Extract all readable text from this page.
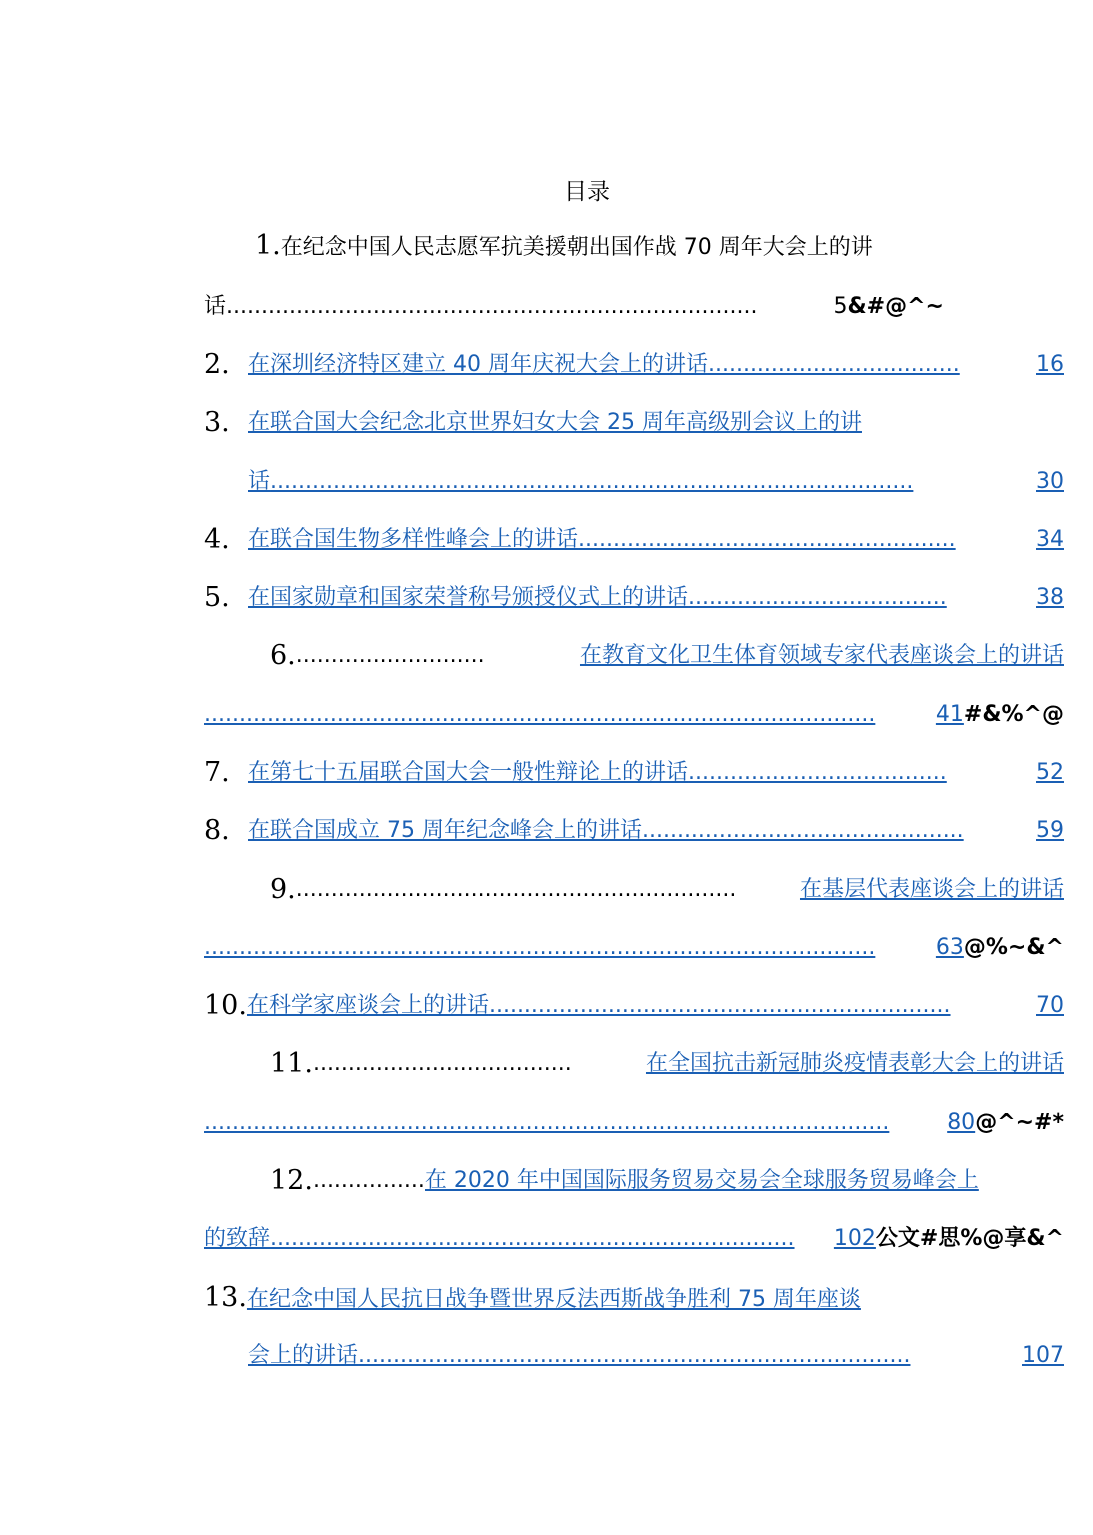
目录
1.在纪念中国人民志愿军抗美援朝出国作战 70 周年大会上的讲
话 ............................................................................	5 &#@^~
2. 在深圳经济特区建立 40 周年庆祝大会上的讲话 ....................................	16
3. 在联合国大会纪念北京世界妇女大会 25 周年高级别会议上的讲
话 ............................................................................................	30
4. 在联合国生物多样性峰会上的讲话 ......................................................	34
5. 在国家勋章和国家荣誉称号颁授仪式上的讲话 .....................................	38
6. ...........................	在教育文化卫生体育领域专家代表座谈会上的讲话
................................................................................................	41 #&%^@
7. 在第七十五届联合国大会一般性辩论上的讲话 .....................................	52
8. 在联合国成立 75 周年纪念峰会上的讲话 ..............................................	59
9. ...............................................................	在基层代表座谈会上的讲话
................................................................................................	63 @%~&^
10. 在科学家座谈会上的讲话 ..................................................................	70
11. .....................................	在全国抗击新冠肺炎疫情表彰大会上的讲话
..................................................................................................	80 @^~#*
12. ................ 在 2020 年中国国际服务贸易交易会全球服务贸易峰会上
的致辞 ...........................................................................	102 公文#思%@享&^
13.在纪念中国人民抗日战争暨世界反法西斯战争胜利 75 周年座谈
会上的讲话 ...............................................................................	107
